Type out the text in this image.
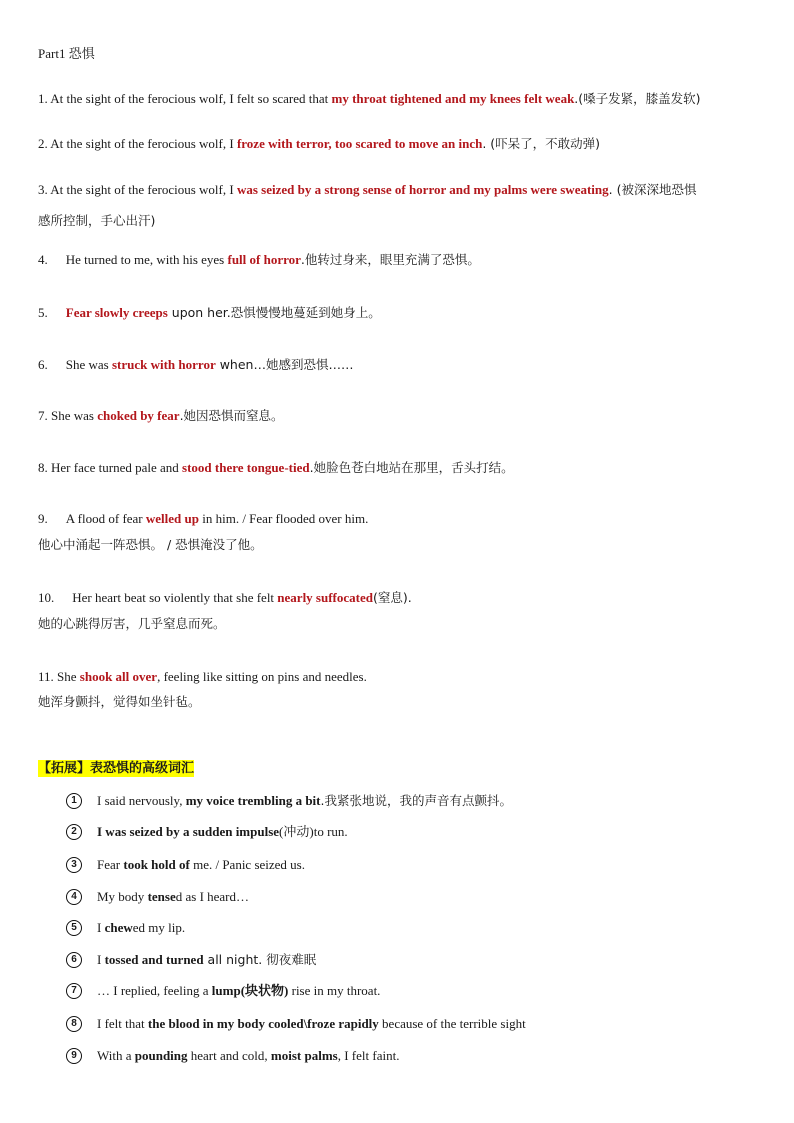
Part1 恐惧
1. At the sight of the ferocious wolf, I felt so scared that my throat tightened and my knees felt weak.(嗓子发紧，膝盖发软)
2. At the sight of the ferocious wolf, I froze with terror, too scared to move an inch. (吓呆了，不敢动弹)
3. At the sight of the ferocious wolf, I was seized by a strong sense of horror and my palms were sweating. (被深深地恐惧
感所控制，手心出汗)
4. He turned to me, with his eyes full of horror.他转过身来，眼里充满了恐惧。
5. Fear slowly creeps upon her.恐惧慢慢地蔓延到她身上。
6. She was struck with horror when…她感到恐惧……
7. She was choked by fear.她因恐惧而窒息。
8. Her face turned pale and stood there tongue-tied.她脸色苍白地站在那里，舌头打结。
9. A flood of fear welled up in him. / Fear flooded over him.
他心中涌起一阵恐惧。 / 恐惧淹没了他。
10. Her heart beat so violently that she felt nearly suffocated(窒息).
她的心跳得厉害，几乎窒息而死。
11. She shook all over, feeling like sitting on pins and needles.
她浑身颤抖，觉得如坐针毡。
【拓展】表恐惧的高级词汇
1	I said nervously, my voice trembling a bit.我紧张地说，我的声音有点颤抖。
2	I was seized by a sudden impulse(冲动)to run.
3	Fear took hold of me. / Panic seized us.
4	My body tensed as I heard…
5	I chewed my lip.
6	I tossed and turned all night. 彻夜难眠
7	… I replied, feeling a lump(块状物) rise in my throat.
8	I felt that the blood in my body cooled\froze rapidly because of the terrible sight
9	With a pounding heart and cold, moist palms, I felt faint.
